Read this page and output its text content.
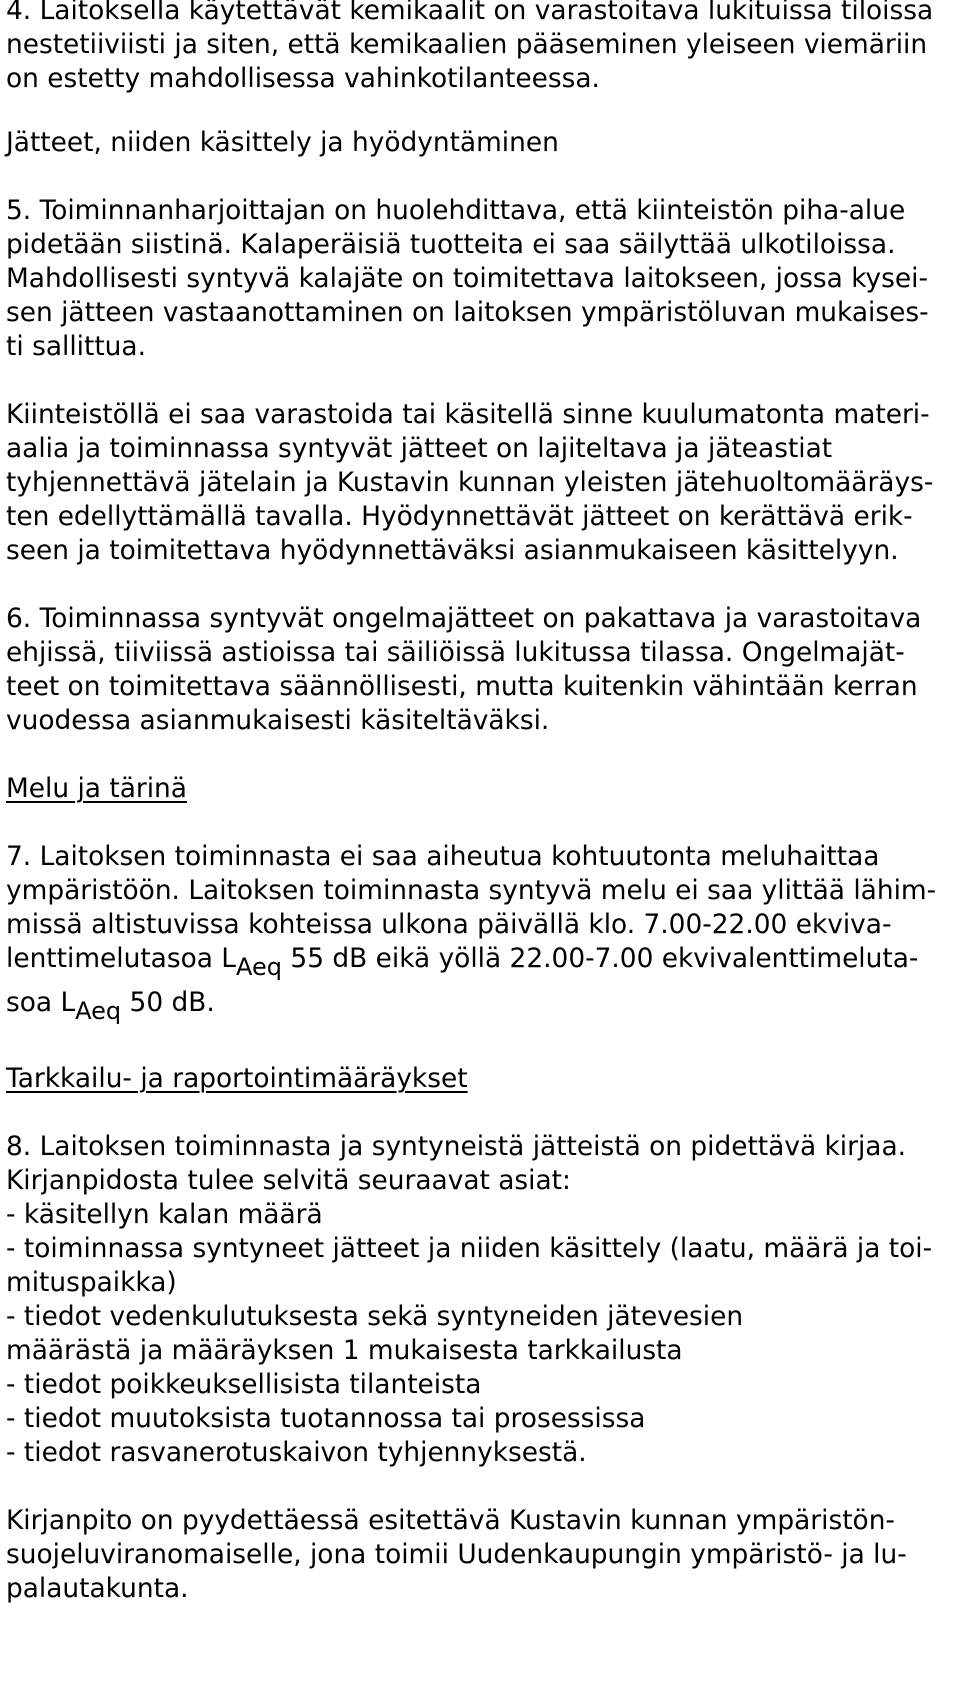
4. Laitoksella käytettävät kemikaalit on varastoitava lukituissa tiloissa
nestetiiviisti ja siten, että kemikaalien pääseminen yleiseen viemäriin
on estetty mahdollisessa vahinkotilanteessa.
Jätteet, niiden käsittely ja hyödyntäminen
5. Toiminnanharjoittajan on huolehdittava, että kiinteistön piha-alue
pidetään siistinä. Kalaperäisiä tuotteita ei saa säilyttää ulkotiloissa.
Mahdollisesti syntyvä kalajäte on toimitettava laitokseen, jossa kysei-
sen jätteen vastaanottaminen on laitoksen ympäristöluvan mukaises-
ti sallittua.
Kiinteistöllä ei saa varastoida tai käsitellä sinne kuulumatonta materi-
aalia ja toiminnassa syntyvät jätteet on lajiteltava ja jäteastiat
tyhjennettävä jätelain ja Kustavin kunnan yleisten jätehuoltomääräys-
ten edellyttämällä tavalla. Hyödynnettävät jätteet on kerättävä erik-
seen ja toimitettava hyödynnettäväksi asianmukaiseen käsittelyyn.
6. Toiminnassa syntyvät ongelmajätteet on pakattava ja varastoitava
ehjissä, tiiviissä astioissa tai säiliöissä lukitussa tilassa. Ongelmajät-
teet on toimitettava säännöllisesti, mutta kuitenkin vähintään kerran
vuodessa asianmukaisesti käsiteltäväksi.
Melu ja tärinä
7. Laitoksen toiminnasta ei saa aiheutua kohtuutonta meluhaittaa
ympäristöön. Laitoksen toiminnasta syntyvä melu ei saa ylittää lähim-
missä altistuvissa kohteissa ulkona päivällä klo. 7.00-22.00 ekvivа-
lenttimelutasoa LAeq 55 dB eikä yöllä 22.00-7.00 ekvivalenttimeluta-
soa LAeq 50 dB.
Tarkkailu- ja raportointimääräykset
8. Laitoksen toiminnasta ja syntyneistä jätteistä on pidettävä kirjaa.
Kirjanpidosta tulee selvitä seuraavat asiat:
- käsitellyn kalan määrä
- toiminnassa syntyneet jätteet ja niiden käsittely (laatu, määrä ja toi-
mituspaikka)
- tiedot vedenkulutuksesta sekä syntyneiden jätevesien
määrästä ja määräyksen 1 mukaisesta tarkkailusta
- tiedot poikkeuksellisista tilanteista
- tiedot muutoksista tuotannossa tai prosessissa
- tiedot rasvanerotuskaivon tyhjennyksestä.
Kirjanpito on pyydettäessä esitettävä Kustavin kunnan ympäristön-
suojeluviranomaiselle, jona toimii Uudenkaupungin ympäristö- ja lu-
palautakunta.
